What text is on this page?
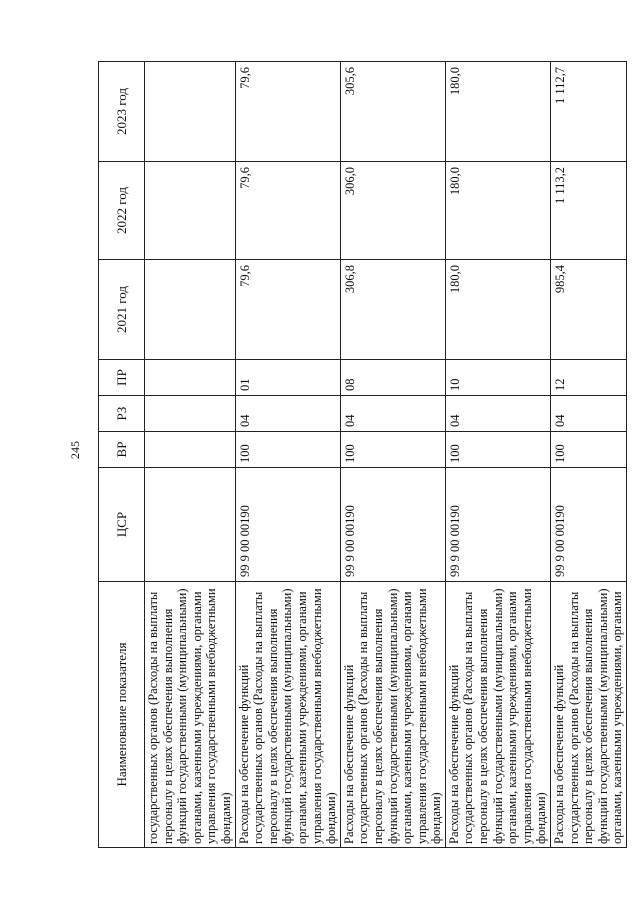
245
Наименование показателя	ЦСР	ВР	РЗ	ПР	2021 год	2022 год	2023 год
государственных органов (Расходы на выплаты персоналу в целях обеспечения выполнения функций государственными (муниципальными) органами, казенными учреждениями, органами управления государственными внебюджетными фондами)							
Расходы на обеспечение функций государственных органов (Расходы на выплаты персоналу в целях обеспечения выполнения функций государственными (муниципальными) органами, казенными учреждениями, органами управления государственными внебюджетными фондами)	99 9 00 00190	100	04	01	79,6	79,6	79,6
Расходы на обеспечение функций государственных органов (Расходы на выплаты персоналу в целях обеспечения выполнения функций государственными (муниципальными) органами, казенными учреждениями, органами управления государственными внебюджетными фондами)	99 9 00 00190	100	04	08	306,8	306,0	305,6
Расходы на обеспечение функций государственных органов (Расходы на выплаты персоналу в целях обеспечения выполнения функций государственными (муниципальными) органами, казенными учреждениями, органами управления государственными внебюджетными фондами)	99 9 00 00190	100	04	10	180,0	180,0	180,0
Расходы на обеспечение функций государственных органов (Расходы на выплаты персоналу в целях обеспечения выполнения функций государственными (муниципальными) органами, казенными учреждениями, органами	99 9 00 00190	100	04	12	985,4	1 113,2	1 112,7
